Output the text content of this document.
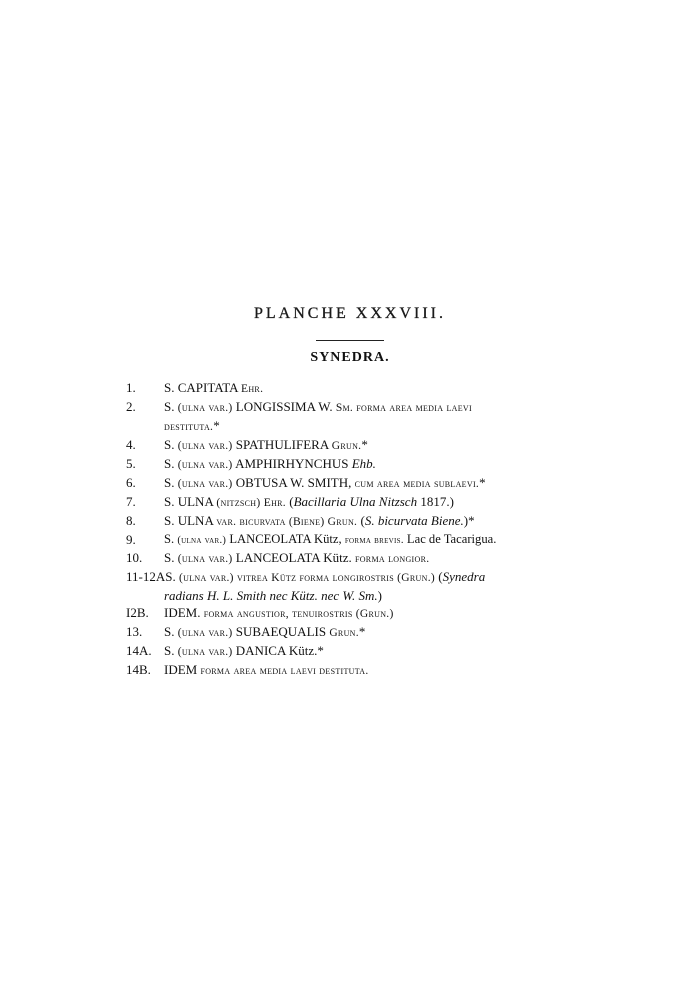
PLANCHE XXXVIII.
SYNEDRA.
1. S. CAPITATA Ehr.
2. S. (ulna var.) LONGISSIMA W. Sm. forma area media laevi
destituta.*
4. S. (ulna var.) SPATHULIFERA Grun.*
5. S. (ulna var.) AMPHIRHYNCHUS Ehb.
6. S. (ulna var.) OBTUSA W. SMITH, cum area media sublaevi.*
7. S. ULNA (nitzsch) Ehr. (Bacillaria Ulna Nitzsch 1817.)
8. S. ULNA var. bicurvata (Biene) Grun. (S. bicurvata Biene.)*
9. S. (ulna var.) LANCEOLATA Kütz, forma brevis. Lac de Tacarigua.
10. S. (ulna var.) LANCEOLATA Kütz. forma longior.
11-12AS. (ulna var.) vitrea Kütz forma longirostris (Grun.) (Synedra
radians H. L. Smith nec Kütz. nec W. Sm.)
I2B. IDEM. forma angustior, tenuirostris (Grun.)
13. S. (ulna var.) SUBAEQUALIS Grun.*
14A. S. (ulna var.) DANICA Kütz.*
14B. IDEM forma area media laevi destituta.
